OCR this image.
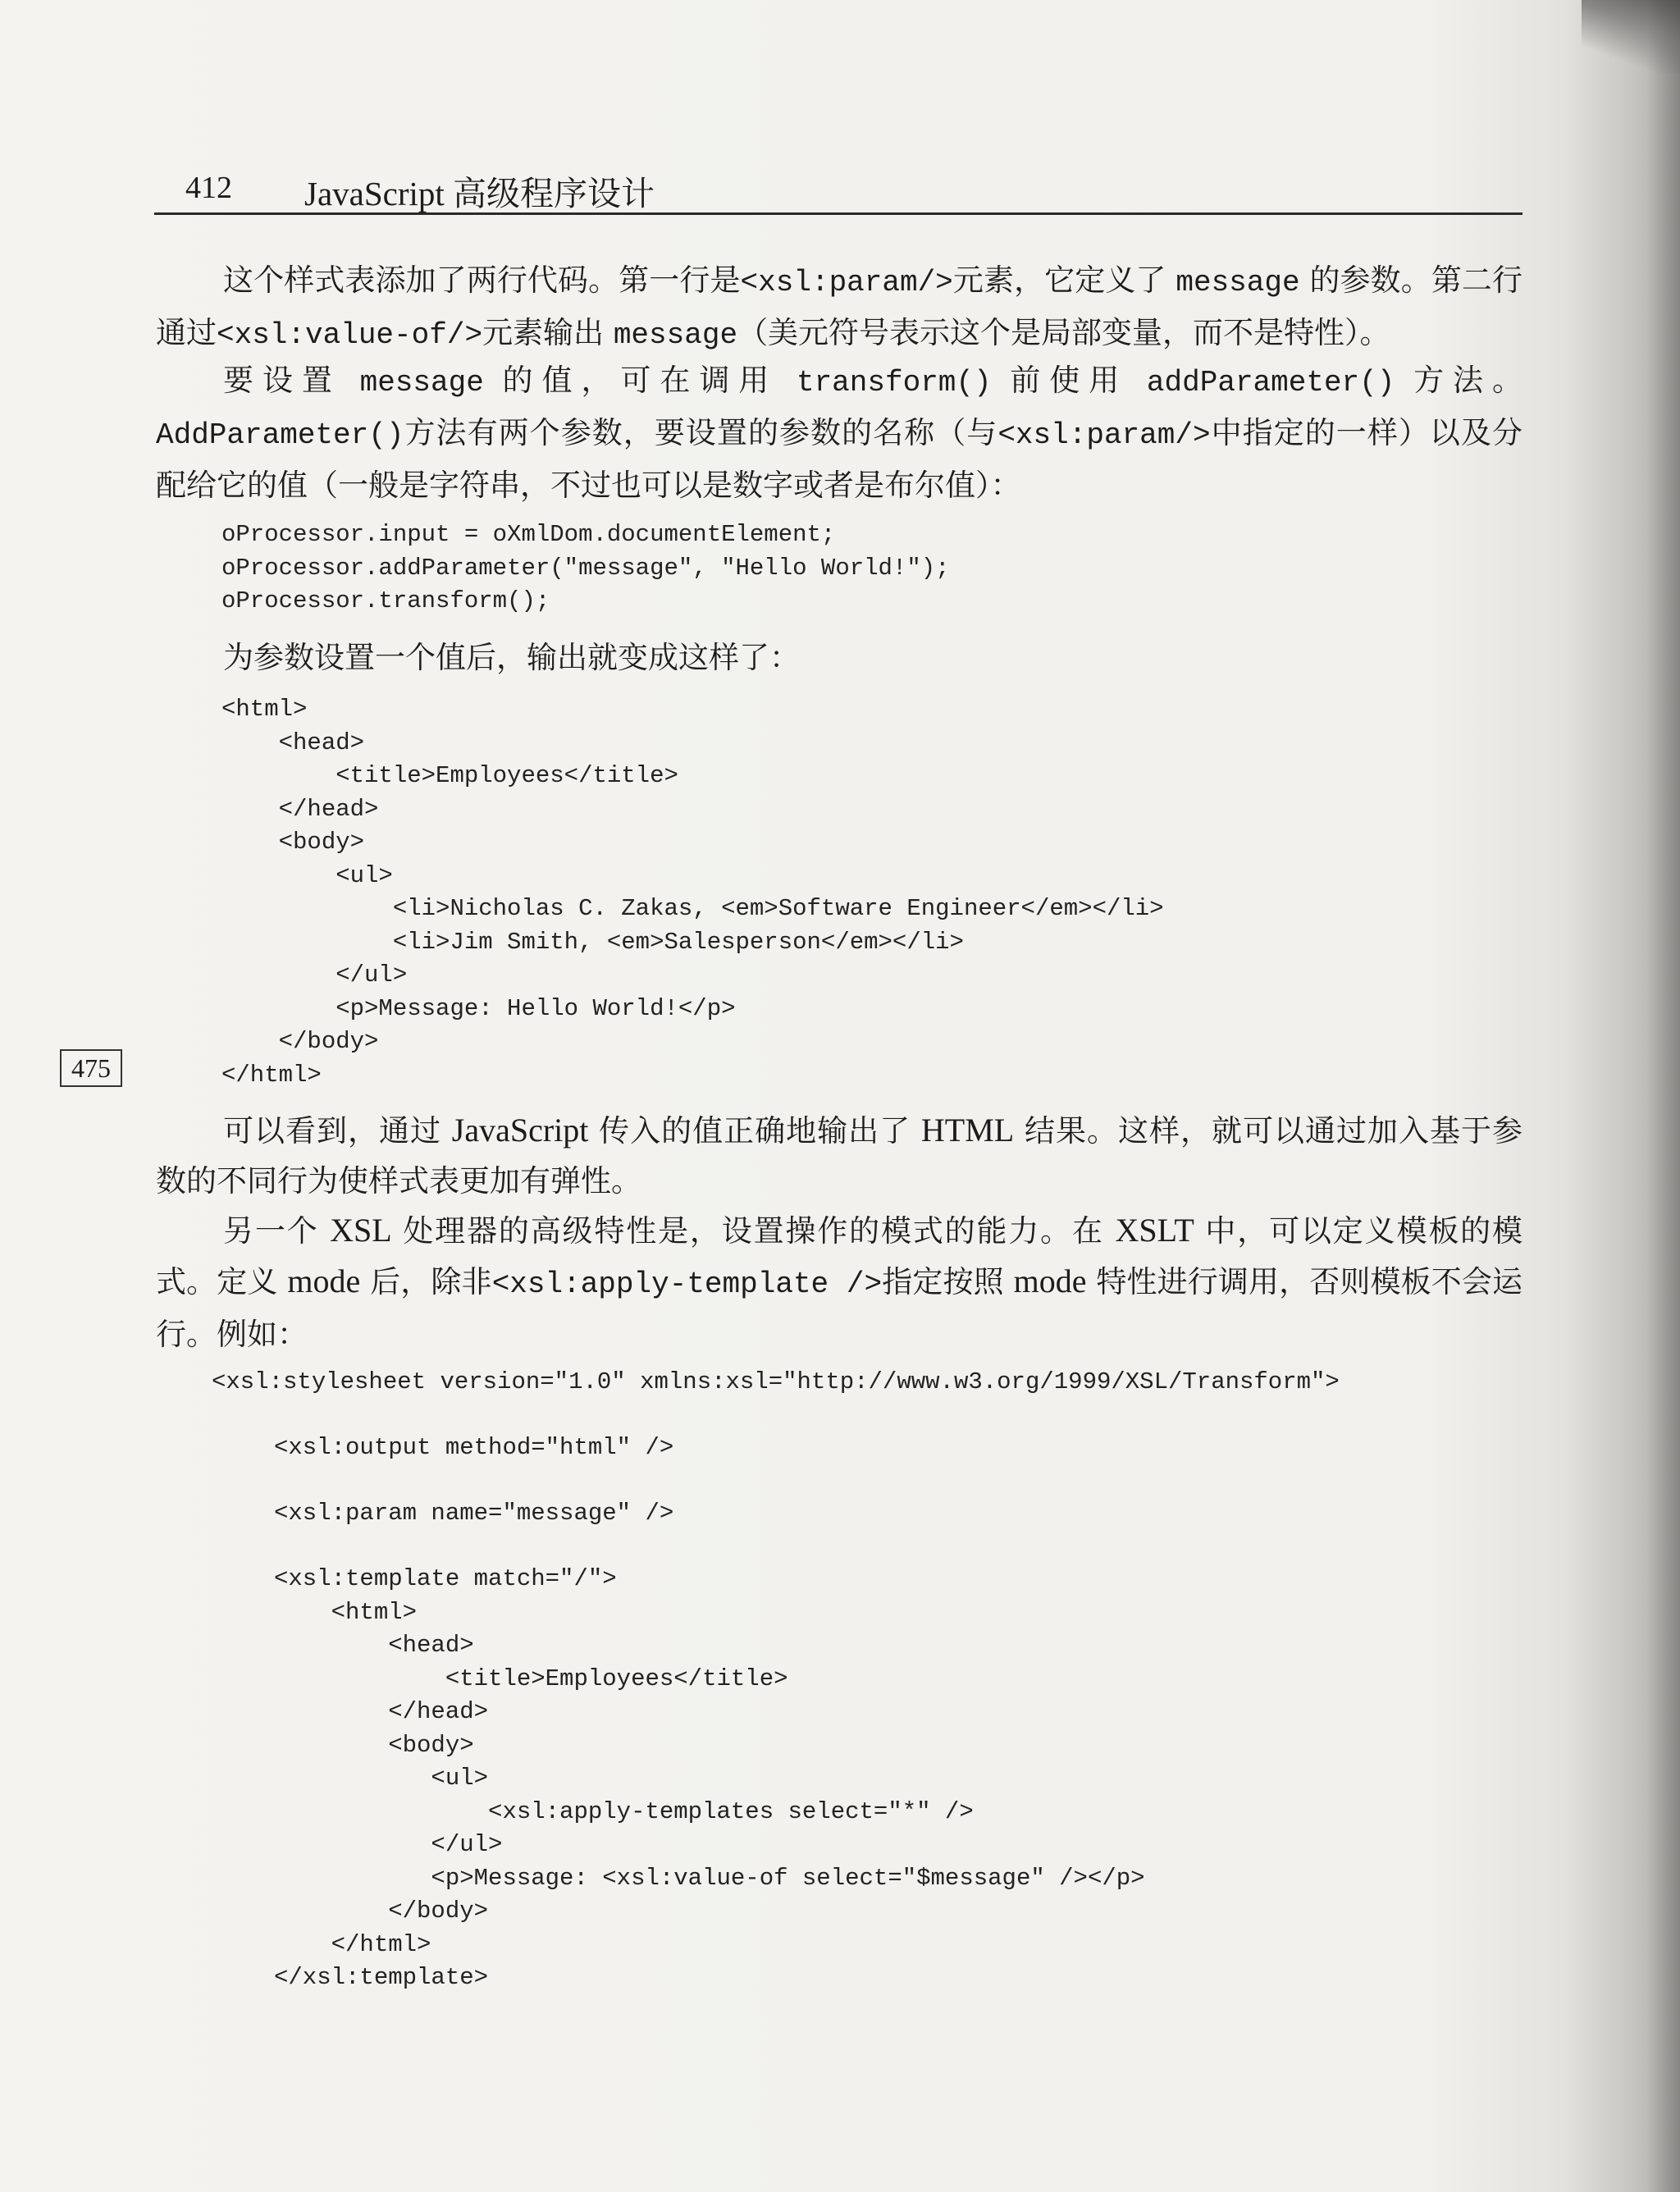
412 JavaScript 高级程序设计
475

这个样式表添加了两行代码。第一行是<xsl:param/>元素，它定义了 message 的参数。第二行通过<xsl:value-of/>元素输出 message（美元符号表示这个是局部变量，而不是特性）。

要设置 message 的值，可在调用 transform() 前使用 addParameter() 方法。AddParameter()方法有两个参数，要设置的参数的名称（与<xsl:param/>中指定的一样）以及分配给它的值（一般是字符串，不过也可以是数字或者是布尔值）：

oProcessor.input = oXmlDom.documentElement;
oProcessor.addParameter("message", "Hello World!");
oProcessor.transform();

为参数设置一个值后，输出就变成这样了：

<html>
<head>
<title>Employees</title>
</head>
<body>
<ul>
<li>Nicholas C. Zakas, <em>Software Engineer</em></li>
<li>Jim Smith, <em>Salesperson</em></li>
</ul>
<p>Message: Hello World!</p>
</body>
</html>

可以看到，通过 JavaScript 传入的值正确地输出了 HTML 结果。这样，就可以通过加入基于参数的不同行为使样式表更加有弹性。

另一个 XSL 处理器的高级特性是，设置操作的模式的能力。在 XSLT 中，可以定义模板的模式。定义 mode 后，除非<xsl:apply-template />指定按照 mode 特性进行调用，否则模板不会运行。例如：

<xsl:stylesheet version="1.0" xmlns:xsl="http://www.w3.org/1999/XSL/Transform">
<xsl:output method="html" />
<xsl:param name="message" />
<xsl:template match="/">
<html>
<head>
<title>Employees</title>
</head>
<body>
<ul>
<xsl:apply-templates select="*" />
</ul>
<p>Message: <xsl:value-of select="$message" /></p>
</body>
</html>
</xsl:template>
